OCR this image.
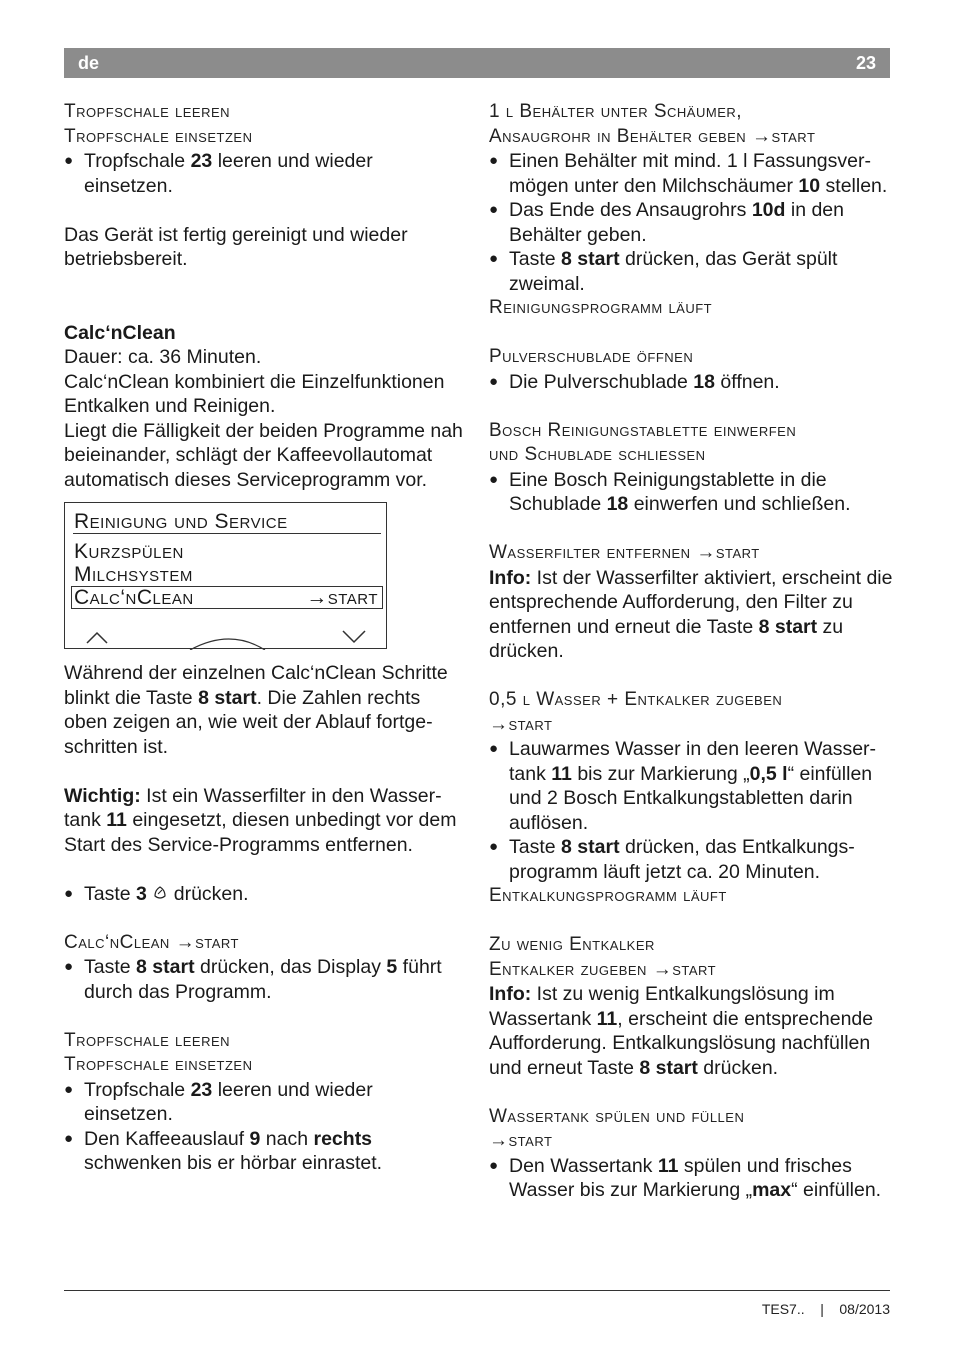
de	23
Tropfschale leeren
Tropfschale einsetzen
● Tropfschale 23 leeren und wieder einsetzen.
Das Gerät ist fertig gereinigt und wieder betriebsbereit.
Calc‘nClean
Dauer: ca. 36 Minuten.
Calc‘nClean kombiniert die Einzelfunktionen Entkalken und Reinigen.
Liegt die Fälligkeit der beiden Programme nah beieinander, schlägt der Kaffeevollautomat automatisch dieses Serviceprogramm vor.
Reinigung und Service
Kurzspülen
Milchsystem
Calc‘nClean	→start
Während der einzelnen Calc‘nClean Schritte blinkt die Taste 8 start. Die Zahlen rechts oben zeigen an, wie weit der Ablauf fortgeschritten ist.
Wichtig: Ist ein Wasserfilter in den Wassertank 11 eingesetzt, diesen unbedingt vor dem Start des Service-Programms entfernen.
● Taste 3  drücken.
Calc‘nClean →start
● Taste 8 start drücken, das Display 5 führt durch das Programm.
Tropfschale leeren
Tropfschale einsetzen
● Tropfschale 23 leeren und wieder einsetzen.
● Den Kaffeeauslauf 9 nach rechts schwenken bis er hörbar einrastet.
1 l Behälter unter Schäumer,
Ansaugrohr in Behälter geben →start
● Einen Behälter mit mind. 1 l Fassungsvermögen unter den Milchschäumer 10 stellen.
● Das Ende des Ansaugrohrs 10d in den Behälter geben.
● Taste 8 start drücken, das Gerät spült zweimal.
Reinigungsprogramm läuft
Pulverschublade öffnen
● Die Pulverschublade 18 öffnen.
Bosch Reinigungstablette einwerfen
und Schublade schliessen
● Eine Bosch Reinigungstablette in die Schublade 18 einwerfen und schließen.
Wasserfilter entfernen →start
Info: Ist der Wasserfilter aktiviert, erscheint die entsprechende Aufforderung, den Filter zu entfernen und erneut die Taste 8 start zu drücken.
0,5 l Wasser + Entkalker zugeben
→start
● Lauwarmes Wasser in den leeren Wassertank 11 bis zur Markierung „0,5 l“ einfüllen und 2 Bosch Entkalkungstabletten darin auflösen.
● Taste 8 start drücken, das Entkalkungsprogramm läuft jetzt ca. 20 Minuten.
Entkalkungsprogramm läuft
Zu wenig Entkalker
Entkalker zugeben →start
Info: Ist zu wenig Entkalkungslösung im Wassertank 11, erscheint die entsprechende Aufforderung. Entkalkungslösung nachfüllen und erneut Taste 8 start drücken.
Wassertank spülen und füllen
→start
● Den Wassertank 11 spülen und frisches Wasser bis zur Markierung „max“ einfüllen.
TES7.. | 08/2013
